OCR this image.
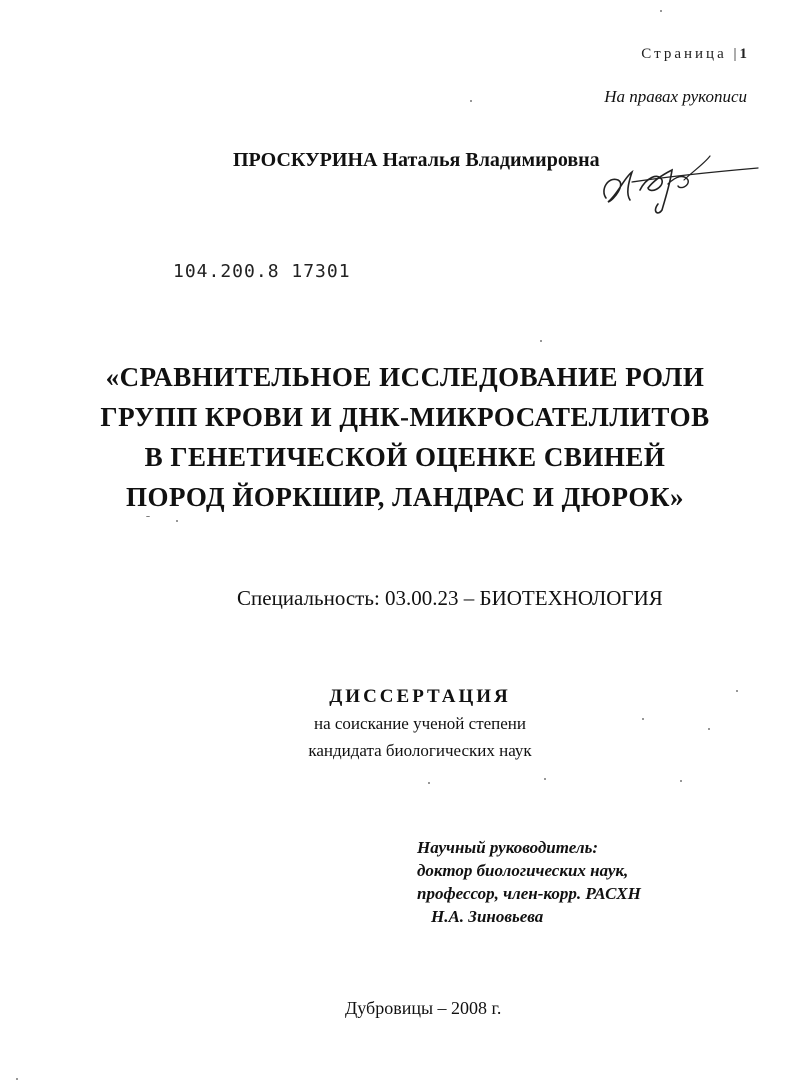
Страница |1
На правах рукописи
ПРОСКУРИНА Наталья Владимировна
104.200.8 17301
«СРАВНИТЕЛЬНОЕ ИССЛЕДОВАНИЕ РОЛИ
ГРУПП КРОВИ И ДНК-МИКРОСАТЕЛЛИТОВ
В ГЕНЕТИЧЕСКОЙ ОЦЕНКЕ СВИНЕЙ
ПОРОД ЙОРКШИР, ЛАНДРАС И ДЮРОК»
Специальность: 03.00.23 – БИОТЕХНОЛОГИЯ
ДИССЕРТАЦИЯ
на соискание ученой степени
кандидата биологических наук
Научный руководитель:
доктор биологических наук,
профессор, член-корр. РАСХН
Н.А. Зиновьева
Дубровицы – 2008 г.
